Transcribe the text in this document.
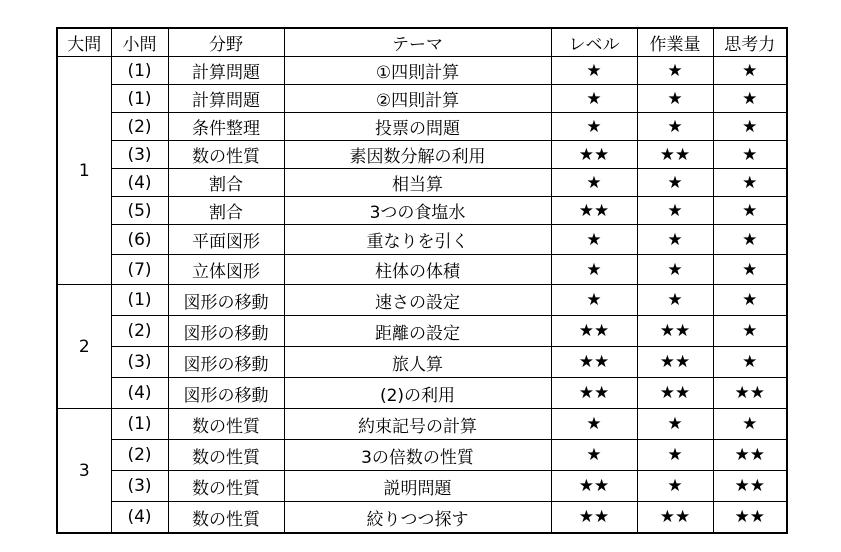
大問	小問	分野	テーマ	レベル	作業量	思考力
1	(1)	計算問題	①四則計算	★	★	★
	(1)	計算問題	②四則計算	★	★	★
	(2)	条件整理	投票の問題	★	★	★
	(3)	数の性質	素因数分解の利用	★★	★★	★
	(4)	割合	相当算	★	★	★
	(5)	割合	3つの食塩水	★★	★	★
	(6)	平面図形	重なりを引く	★	★	★
	(7)	立体図形	柱体の体積	★	★	★
2	(1)	図形の移動	速さの設定	★	★	★
	(2)	図形の移動	距離の設定	★★	★★	★
	(3)	図形の移動	旅人算	★★	★★	★
	(4)	図形の移動	(2)の利用	★★	★★	★★
3	(1)	数の性質	約束記号の計算	★	★	★
	(2)	数の性質	3の倍数の性質	★	★	★★
	(3)	数の性質	説明問題	★★	★	★★
	(4)	数の性質	絞りつつ探す	★★	★★	★★
